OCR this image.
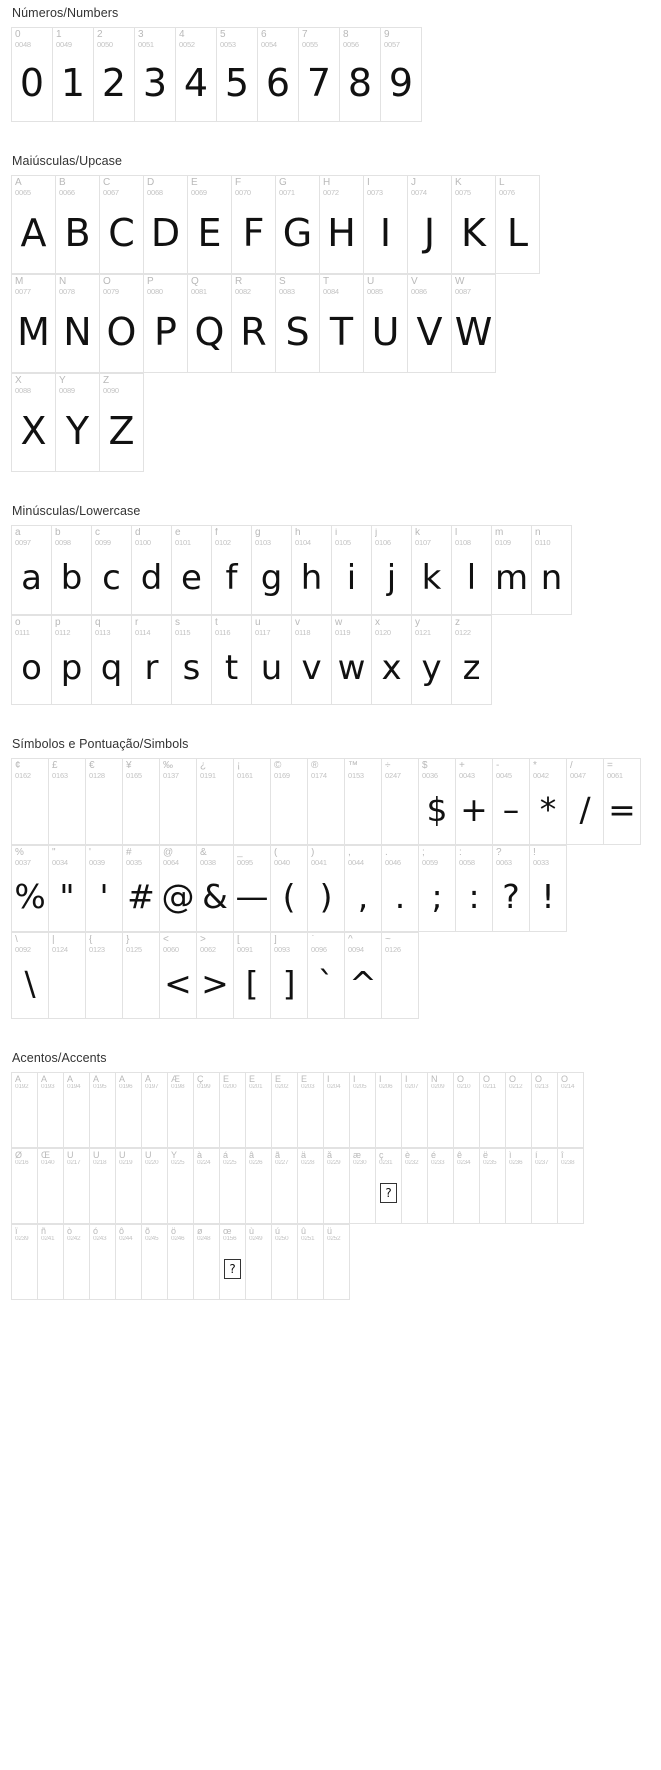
Números/Numbers
0
0048
0
1
0049
1
2
0050
2
3
0051
3
4
0052
4
5
0053
5
6
0054
6
7
0055
7
8
0056
8
9
0057
9
Maiúsculas/Upcase
A
0065
A
B
0066
B
C
0067
C
D
0068
D
E
0069
E
F
0070
F
G
0071
G
H
0072
H
I
0073
I
J
0074
J
K
0075
K
L
0076
L
M
0077
M
N
0078
N
O
0079
O
P
0080
P
Q
0081
Q
R
0082
R
S
0083
S
T
0084
T
U
0085
U
V
0086
V
W
0087
W
X
0088
X
Y
0089
Y
Z
0090
Z
Minúsculas/Lowercase
a
0097
a
b
0098
b
c
0099
c
d
0100
d
e
0101
e
f
0102
f
g
0103
g
h
0104
h
i
0105
i
j
0106
j
k
0107
k
l
0108
l
m
0109
m
n
0110
n
o
0111
o
p
0112
p
q
0113
q
r
0114
r
s
0115
s
t
0116
t
u
0117
u
v
0118
v
w
0119
w
x
0120
x
y
0121
y
z
0122
z
Símbolos e Pontuação/Simbols
¢
0162
£
0163
€
0128
¥
0165
‰
0137
¿
0191
¡
0161
©
0169
®
0174
™
0153
÷
0247
$
0036
$
+
0043
+
-
0045
–
*
0042
*
/
0047
/
=
0061
=
%
0037
%
"
0034
"
'
0039
'
#
0035
#
@
0064
@
&
0038
&
_
0095
—
(
0040
(
)
0041
)
,
0044
,
.
0046
.
;
0059
;
:
0058
:
?
0063
?
!
0033
!
\
0092
\
|
0124
{
0123
}
0125
<
0060
<
>
0062
>
[
0091
[
]
0093
]
`
0096
`
^
0094
^
~
0126
Acentos/Accents
À
0192
Á
0193
Â
0194
Ã
0195
Ä
0196
Å
0197
Æ
0198
Ç
0199
È
0200
É
0201
Ê
0202
Ë
0203
Ì
0204
Í
0205
Î
0206
Ï
0207
Ñ
0209
Ò
0210
Ó
0211
Ô
0212
Õ
0213
Ö
0214
Ø
0216
Œ
0140
Ù
0217
Ú
0218
Û
0219
Ü
0220
Ÿ
0225
à
0224
á
0225
â
0226
ã
0227
ä
0228
å
0229
æ
0230
ç
0231
?
è
0232
é
0233
ê
0234
ë
0235
ì
0236
í
0237
î
0238
ï
0239
ñ
0241
ò
0242
ó
0243
ô
0244
õ
0245
ö
0246
ø
0248
œ
0156
?
ù
0249
ú
0250
û
0251
ü
0252
